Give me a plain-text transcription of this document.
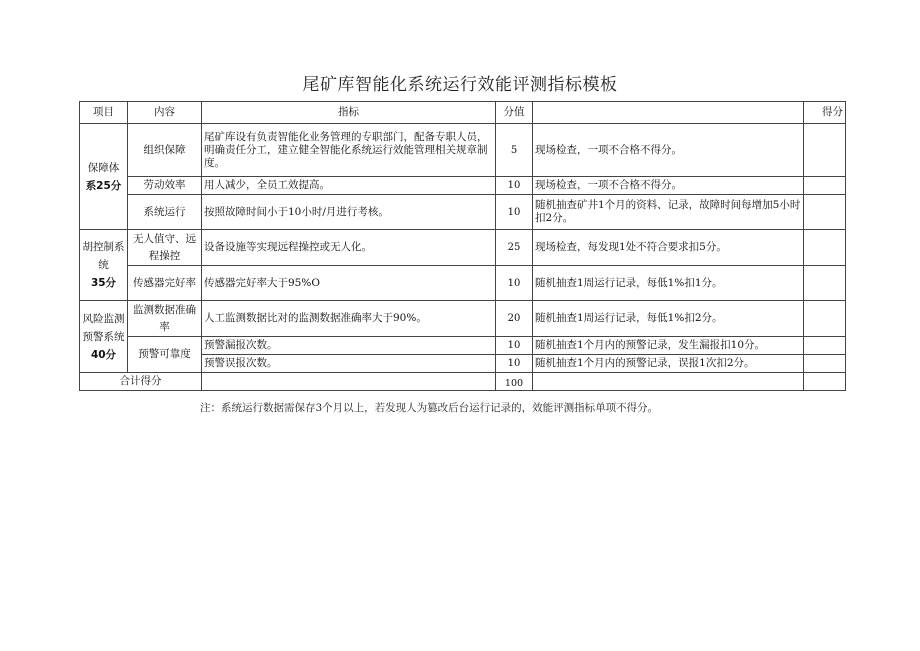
尾矿库智能化系统运行效能评测指标模板
项目	内容	指标	分值		得分

保障体
系25分	组织保障	尾矿库设有负责智能化业务管理的专职部门，配备专职人员，明确责任分工，建立健全智能化系统运行效能管理相关规章制度。	5	现场检查，一项不合格不得分。	
	劳动效率	用人减少，全员工效提高。	10	现场检查，一项不合格不得分。	
	系统运行	按照故障时间小于10小时/月进行考核。	10	随机抽查矿井1个月的资料、记录，故障时间每增加5小时扣2分。	

胡控制系
统
35分	无人值守、远程操控	设备设施等实现远程操控或无人化。	25	现场检查，每发现1处不符合要求扣5分。	
	传感器完好率	传感器完好率大于95%O	10	随机抽查1周运行记录，每低1%扣1分。	

风险监测
预警系统
40分	监测数据准确率	人工监测数据比对的监测数据准确率大于90%。	20	随机抽查1周运行记录，每低1%扣2分。	
	预警可靠度	预警漏报次数。	10	随机抽查1个月内的预警记录，发生漏报扣10分。	
		预警误报次数。	10	随机抽查1个月内的预警记录，误报1次扣2分。	
合计得分			100		
注：系统运行数据需保存3个月以上，若发现人为篡改后台运行记录的，效能评测指标单项不得分。
